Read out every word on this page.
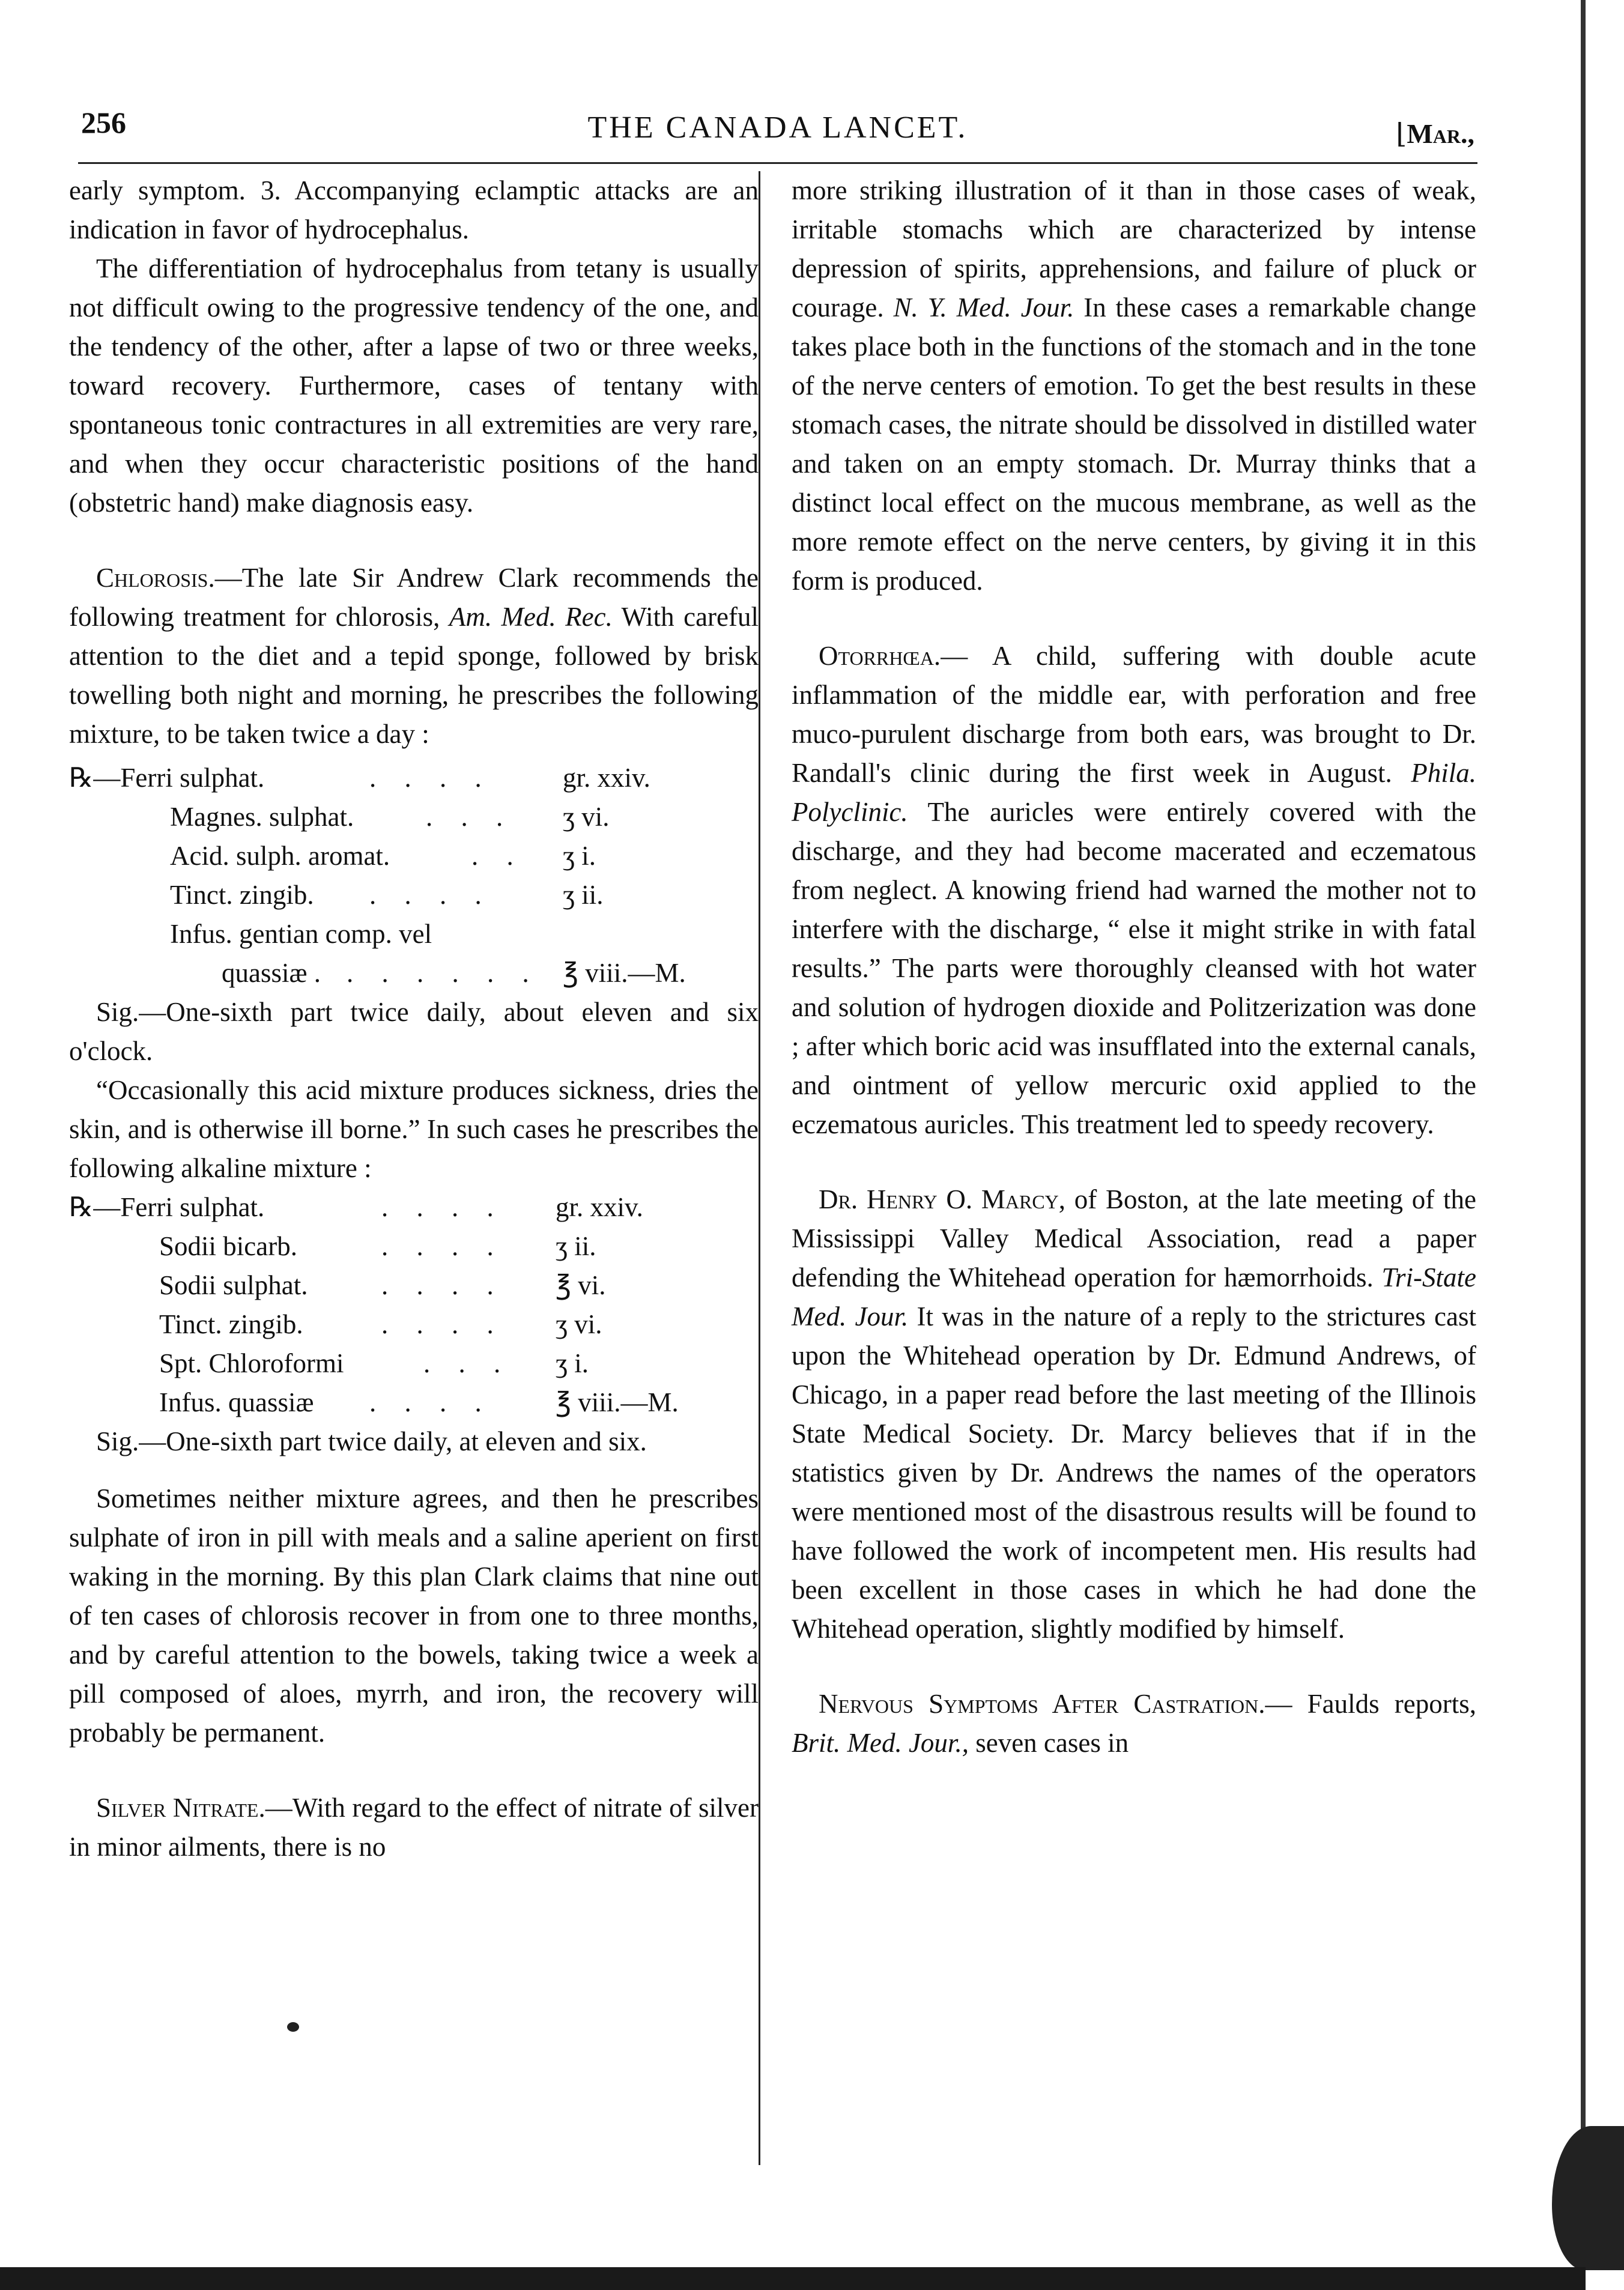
256	THE CANADA LANCET.	⌊Mar.,

early symptom. 3. Accompanying eclamptic attacks are an indication in favor of hydrocephalus.

The differentiation of hydrocephalus from tetany is usually not difficult owing to the progressive tendency of the one, and the tendency of the other, after a lapse of two or three weeks, toward recovery. Furthermore, cases of tentany with spontaneous tonic contractures in all extremities are very rare, and when they occur characteristic positions of the hand (obstetric hand) make diagnosis easy.

Chlorosis.—The late Sir Andrew Clark recommends the following treatment for chlorosis, Am. Med. Rec. With careful attention to the diet and a tepid sponge, followed by brisk towelling both night and morning, he prescribes the following mixture, to be taken twice a day :

℞—Ferri sulphat.	. . . .	gr. xxiv.
Magnes. sulphat.	. . . ʒ vi.
Acid. sulph. aromat.	. . ʒ i.
Tinct. zingib. . . . .	ʒ ii.
Infus. gentian comp. vel
quassiæ . . . . . . . ℥ viii.—M.

Sig.—One-sixth part twice daily, about eleven and six o'clock.

“Occasionally this acid mixture produces sickness, dries the skin, and is otherwise ill borne.” In such cases he prescribes the following alkaline mixture :

℞—Ferri sulphat.	. . . . gr. xxiv.
Sodii bicarb.	. . . . ʒ ii.
Sodii sulphat.	. . . . ℥ vi.
Tinct. zingib.	. . . . ʒ vi.
Spt. Chloroformi	. . . ʒ i.
Infus. quassiæ . . . . ℥ viii.—M.

Sig.—One-sixth part twice daily, at eleven and six.

Sometimes neither mixture agrees, and then he prescribes sulphate of iron in pill with meals and a saline aperient on first waking in the morning. By this plan Clark claims that nine out of ten cases of chlorosis recover in from one to three months, and by careful attention to the bowels, taking twice a week a pill composed of aloes, myrrh, and iron, the recovery will probably be permanent.

Silver Nitrate.—With regard to the effect of nitrate of silver in minor ailments, there is no

more striking illustration of it than in those cases of weak, irritable stomachs which are characterized by intense depression of spirits, apprehensions, and failure of pluck or courage. N. Y. Med. Jour. In these cases a remarkable change takes place both in the functions of the stomach and in the tone of the nerve centers of emotion. To get the best results in these stomach cases, the nitrate should be dissolved in distilled water and taken on an empty stomach. Dr. Murray thinks that a distinct local effect on the mucous membrane, as well as the more remote effect on the nerve centers, by giving it in this form is produced.

Otorrhœa.— A child, suffering with double acute inflammation of the middle ear, with perforation and free muco-purulent discharge from both ears, was brought to Dr. Randall's clinic during the first week in August. Phila. Polyclinic. The auricles were entirely covered with the discharge, and they had become macerated and eczematous from neglect. A knowing friend had warned the mother not to interfere with the discharge, “ else it might strike in with fatal results.” The parts were thoroughly cleansed with hot water and solution of hydrogen dioxide and Politzerization was done ; after which boric acid was insufflated into the external canals, and ointment of yellow mercuric oxid applied to the eczematous auricles. This treatment led to speedy recovery.

Dr. Henry O. Marcy, of Boston, at the late meeting of the Mississippi Valley Medical Association, read a paper defending the Whitehead operation for hæmorrhoids. Tri-State Med. Jour. It was in the nature of a reply to the strictures cast upon the Whitehead operation by Dr. Edmund Andrews, of Chicago, in a paper read before the last meeting of the Illinois State Medical Society. Dr. Marcy believes that if in the statistics given by Dr. Andrews the names of the operators were mentioned most of the disastrous results will be found to have followed the work of incompetent men. His results had been excellent in those cases in which he had done the Whitehead operation, slightly modified by himself.

Nervous Symptoms After Castration.— Faulds reports, Brit. Med. Jour., seven cases in
